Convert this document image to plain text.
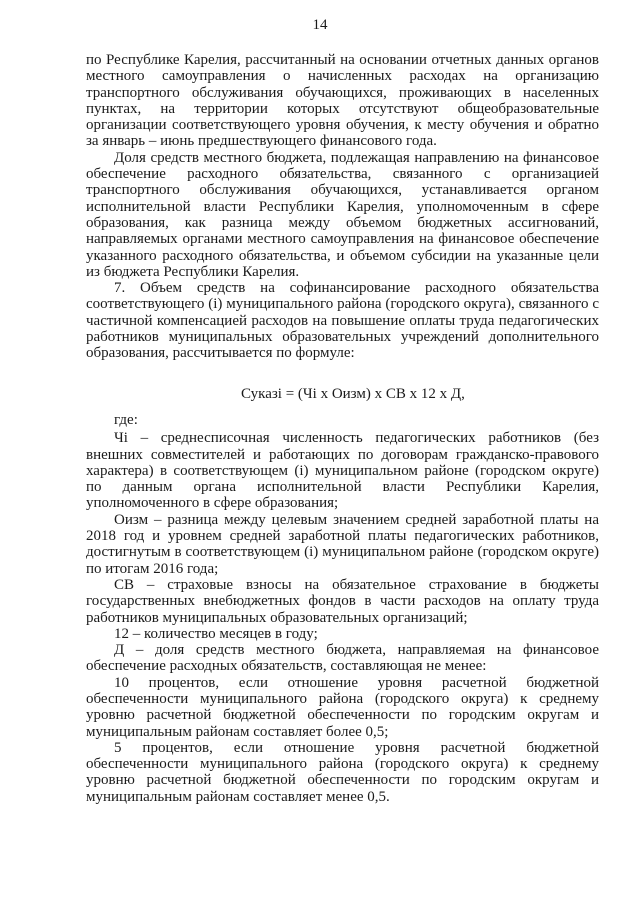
14

по Республике Карелия, рассчитанный на основании отчетных данных органов местного самоуправления о начисленных расходах на организацию транспортного обслуживания обучающихся, проживающих в населенных пунктах, на территории которых отсутствуют общеобразовательные организации соответствующего уровня обучения, к месту обучения и обратно за январь – июнь предшествующего финансового года.

Доля средств местного бюджета, подлежащая направлению на финансовое обеспечение расходного обязательства, связанного с организацией транспортного обслуживания обучающихся, устанавливается органом исполнительной власти Республики Карелия, уполномоченным в сфере образования, как разница между объемом бюджетных ассигнований, направляемых органами местного самоуправления на финансовое обеспечение указанного расходного обязательства, и объемом субсидии на указанные цели из бюджета Республики Карелия.

7. Объем средств на софинансирование расходного обязательства соответствующего (i) муниципального района (городского округа), связанного с частичной компенсацией расходов на повышение оплаты труда педагогических работников муниципальных образовательных учреждений дополнительного образования, рассчитывается по формуле:

Суказi = (Чi х Оизм) х СВ х 12 х Д,
где:

Чi – среднесписочная численность педагогических работников (без внешних совместителей и работающих по договорам гражданско-правового характера) в соответствующем (i) муниципальном районе (городском округе) по данным органа исполнительной власти Республики Карелия, уполномоченного в сфере образования;

Оизм – разница между целевым значением средней заработной платы на 2018 год и уровнем средней заработной платы педагогических работников, достигнутым в соответствующем (i) муниципальном районе (городском округе) по итогам 2016 года;

СВ – страховые взносы на обязательное страхование в бюджеты государственных внебюджетных фондов в части расходов на оплату труда работников муниципальных образовательных организаций;

12 – количество месяцев в году;

Д – доля средств местного бюджета, направляемая на финансовое обеспечение расходных обязательств, составляющая не менее:

10 процентов, если отношение уровня расчетной бюджетной обеспеченности муниципального района (городского округа) к среднему уровню расчетной бюджетной обеспеченности по городским округам и муниципальным районам составляет более 0,5;

5 процентов, если отношение уровня расчетной бюджетной обеспеченности муниципального района (городского округа) к среднему уровню расчетной бюджетной обеспеченности по городским округам и муниципальным районам составляет менее 0,5.
